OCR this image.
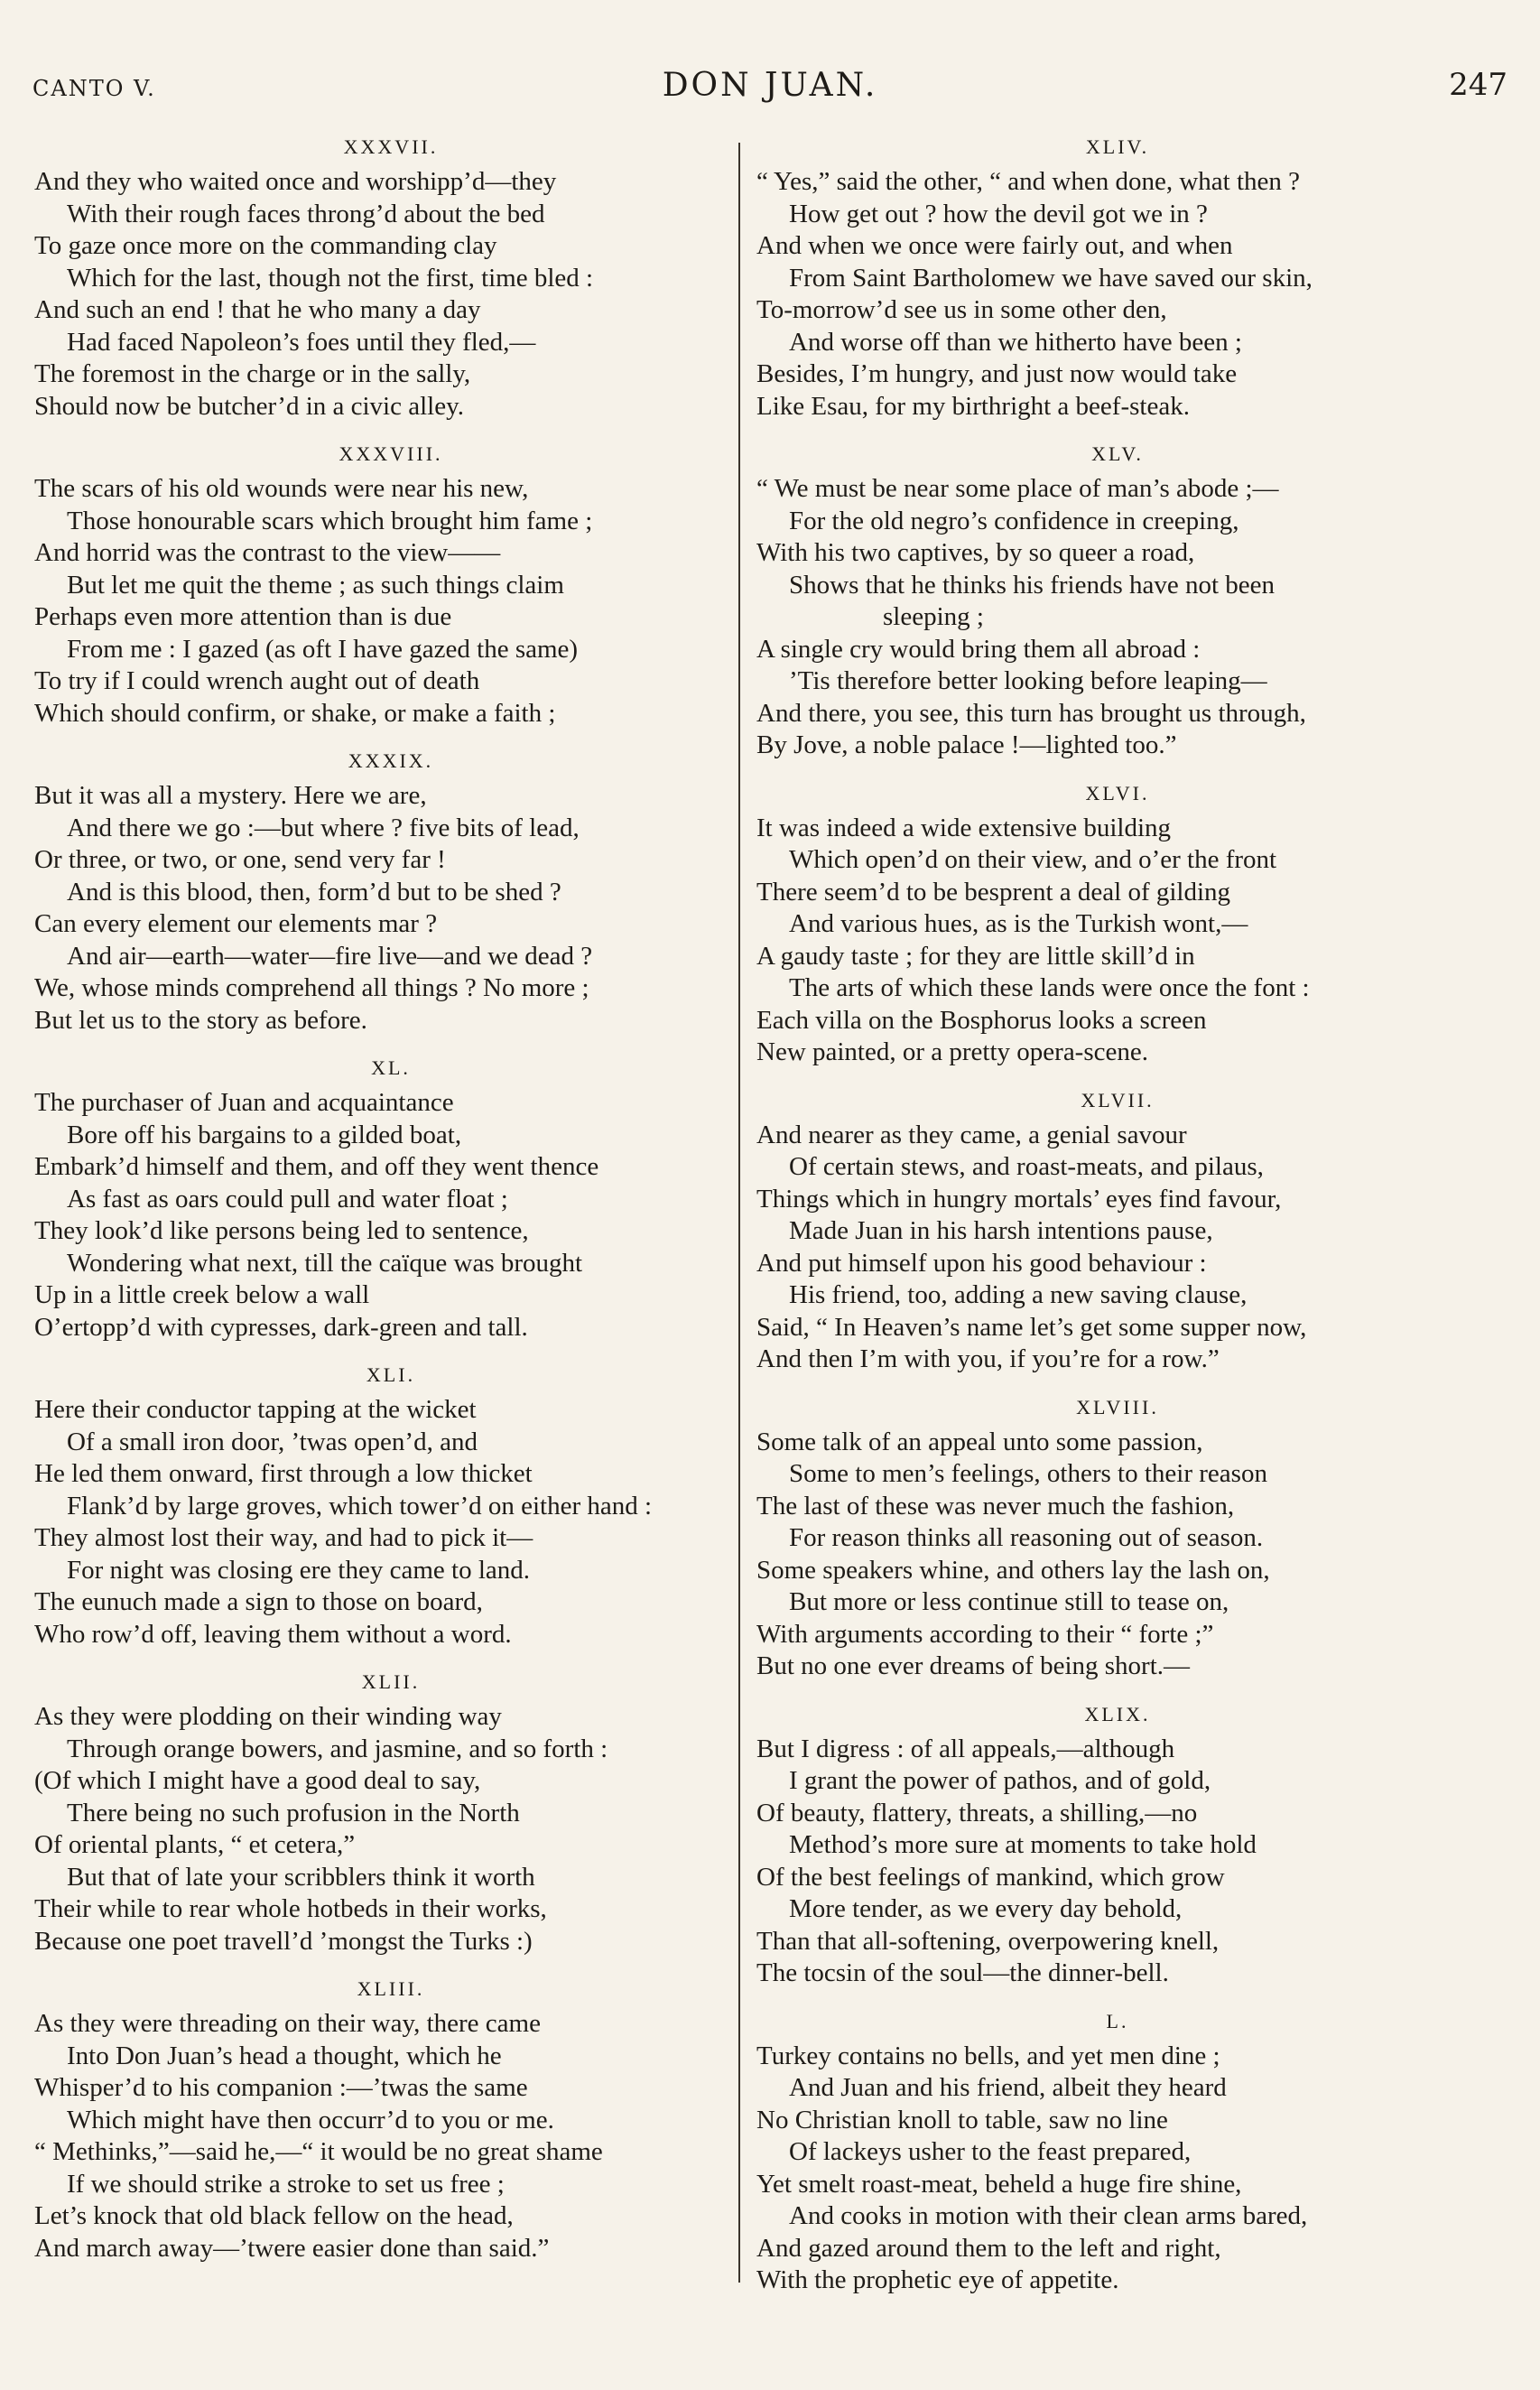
CANTO V.	DON JUAN.	247
XXXVII.
And they who waited once and worshipp’d—they
With their rough faces throng’d about the bed
To gaze once more on the commanding clay
Which for the last, though not the first, time bled :
And such an end ! that he who many a day
Had faced Napoleon’s foes until they fled,—
The foremost in the charge or in the sally,
Should now be butcher’d in a civic alley.
XXXVIII.
The scars of his old wounds were near his new,
Those honourable scars which brought him fame ;
And horrid was the contrast to the view——
But let me quit the theme ; as such things claim
Perhaps even more attention than is due
From me : I gazed (as oft I have gazed the same)
To try if I could wrench aught out of death
Which should confirm, or shake, or make a faith ;
XXXIX.
But it was all a mystery. Here we are,
And there we go :—but where ? five bits of lead,
Or three, or two, or one, send very far !
And is this blood, then, form’d but to be shed ?
Can every element our elements mar ?
And air—earth—water—fire live—and we dead ?
We, whose minds comprehend all things ? No more ;
But let us to the story as before.
XL.
The purchaser of Juan and acquaintance
Bore off his bargains to a gilded boat,
Embark’d himself and them, and off they went thence
As fast as oars could pull and water float ;
They look’d like persons being led to sentence,
Wondering what next, till the caïque was brought
Up in a little creek below a wall
O’ertopp’d with cypresses, dark-green and tall.
XLI.
Here their conductor tapping at the wicket
Of a small iron door, ’twas open’d, and
He led them onward, first through a low thicket
Flank’d by large groves, which tower’d on either hand :
They almost lost their way, and had to pick it—
For night was closing ere they came to land.
The eunuch made a sign to those on board,
Who row’d off, leaving them without a word.
XLII.
As they were plodding on their winding way
Through orange bowers, and jasmine, and so forth :
(Of which I might have a good deal to say,
There being no such profusion in the North
Of oriental plants, “ et cetera,”
But that of late your scribblers think it worth
Their while to rear whole hotbeds in their works,
Because one poet travell’d ’mongst the Turks :)
XLIII.
As they were threading on their way, there came
Into Don Juan’s head a thought, which he
Whisper’d to his companion :—’twas the same
Which might have then occurr’d to you or me.
“ Methinks,”—said he,—“ it would be no great shame
If we should strike a stroke to set us free ;
Let’s knock that old black fellow on the head,
And march away—’twere easier done than said.”
XLIV.
“ Yes,” said the other, “ and when done, what then ?
How get out ? how the devil got we in ?
And when we once were fairly out, and when
From Saint Bartholomew we have saved our skin,
To-morrow’d see us in some other den,
And worse off than we hitherto have been ;
Besides, I’m hungry, and just now would take
Like Esau, for my birthright a beef-steak.
XLV.
“ We must be near some place of man’s abode ;—
For the old negro’s confidence in creeping,
With his two captives, by so queer a road,
Shows that he thinks his friends have not been
sleeping ;
A single cry would bring them all abroad :
’Tis therefore better looking before leaping—
And there, you see, this turn has brought us through,
By Jove, a noble palace !—lighted too.”
XLVI.
It was indeed a wide extensive building
Which open’d on their view, and o’er the front
There seem’d to be besprent a deal of gilding
And various hues, as is the Turkish wont,—
A gaudy taste ; for they are little skill’d in
The arts of which these lands were once the font :
Each villa on the Bosphorus looks a screen
New painted, or a pretty opera-scene.
XLVII.
And nearer as they came, a genial savour
Of certain stews, and roast-meats, and pilaus,
Things which in hungry mortals’ eyes find favour,
Made Juan in his harsh intentions pause,
And put himself upon his good behaviour :
His friend, too, adding a new saving clause,
Said, “ In Heaven’s name let’s get some supper now,
And then I’m with you, if you’re for a row.”
XLVIII.
Some talk of an appeal unto some passion,
Some to men’s feelings, others to their reason
The last of these was never much the fashion,
For reason thinks all reasoning out of season.
Some speakers whine, and others lay the lash on,
But more or less continue still to tease on,
With arguments according to their “ forte ;”
But no one ever dreams of being short.—
XLIX.
But I digress : of all appeals,—although
I grant the power of pathos, and of gold,
Of beauty, flattery, threats, a shilling,—no
Method’s more sure at moments to take hold
Of the best feelings of mankind, which grow
More tender, as we every day behold,
Than that all-softening, overpowering knell,
The tocsin of the soul—the dinner-bell.
L.
Turkey contains no bells, and yet men dine ;
And Juan and his friend, albeit they heard
No Christian knoll to table, saw no line
Of lackeys usher to the feast prepared,
Yet smelt roast-meat, beheld a huge fire shine,
And cooks in motion with their clean arms bared,
And gazed around them to the left and right,
With the prophetic eye of appetite.
